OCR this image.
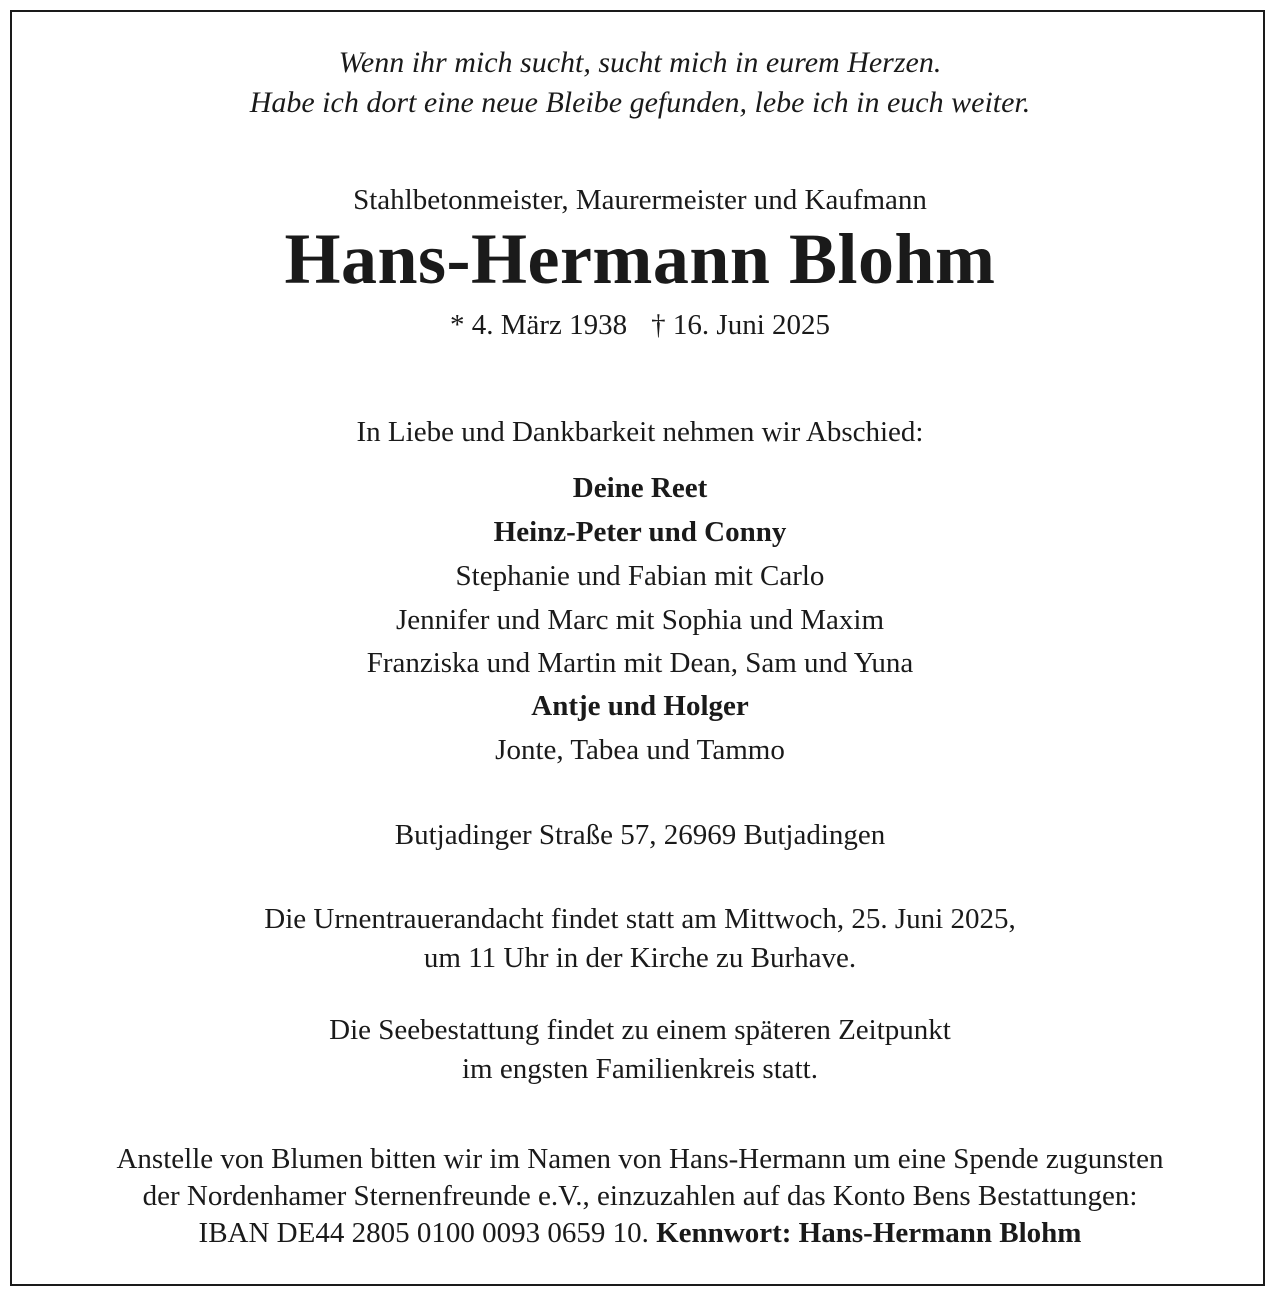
Wenn ihr mich sucht, sucht mich in eurem Herzen.

Habe ich dort eine neue Bleibe gefunden, lebe ich in euch weiter.

Stahlbetonmeister, Maurermeister und Kaufmann

Hans-Hermann Blohm

* 4. März 1938 † 16. Juni 2025

In Liebe und Dankbarkeit nehmen wir Abschied:

Deine Reet

Heinz-Peter und Conny

Stephanie und Fabian mit Carlo

Jennifer und Marc mit Sophia und Maxim

Franziska und Martin mit Dean, Sam und Yuna

Antje und Holger

Jonte, Tabea und Tammo

Butjadinger Straße 57, 26969 Butjadingen

Die Urnentrauerandacht findet statt am Mittwoch, 25. Juni 2025,

um 11 Uhr in der Kirche zu Burhave.

Die Seebestattung findet zu einem späteren Zeitpunkt

im engsten Familienkreis statt.

Anstelle von Blumen bitten wir im Namen von Hans-Hermann um eine Spende zugunsten

der Nordenhamer Sternenfreunde e.V., einzuzahlen auf das Konto Bens Bestattungen:

IBAN DE44 2805 0100 0093 0659 10. Kennwort: Hans-Hermann Blohm
